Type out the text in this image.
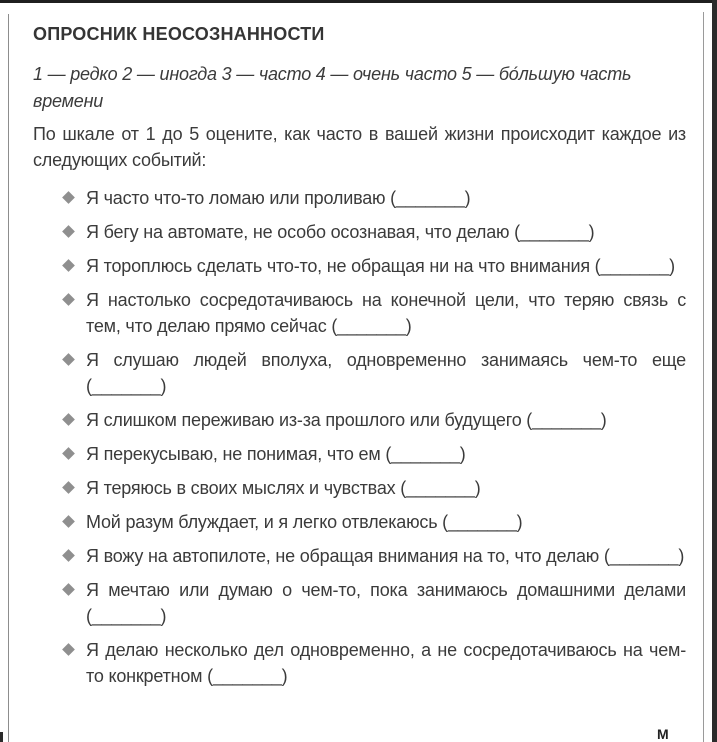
ОПРОСНИК НЕОСОЗНАННОСТИ

1 — редко 2 — иногда 3 — часто 4 — очень часто 5 — бо́льшую часть времени

По шкале от 1 до 5 оцените, как часто в вашей жизни происходит каждое из следующих событий:

Я часто что-то ломаю или проливаю (_______)
Я бегу на автомате, не особо осознавая, что делаю (_______)
Я тороплюсь сделать что-то, не обращая ни на что внимания (_______)
Я настолько сосредотачиваюсь на конечной цели, что теряю связь с тем, что делаю прямо сейчас (_______)
Я слушаю людей вполуха, одновременно занимаясь чем-то еще (_______)
Я слишком переживаю из-за прошлого или будущего (_______)
Я перекусываю, не понимая, что ем (_______)
Я теряюсь в своих мыслях и чувствах (_______)
Мой разум блуждает, и я легко отвлекаюсь (_______)
Я вожу на автопилоте, не обращая внимания на то, что делаю (_______)
Я мечтаю или думаю о чем-то, пока занимаюсь домашними делами (_______)
Я делаю несколько дел одновременно, а не сосредотачиваюсь на чем-то конкретном (_______)
М
